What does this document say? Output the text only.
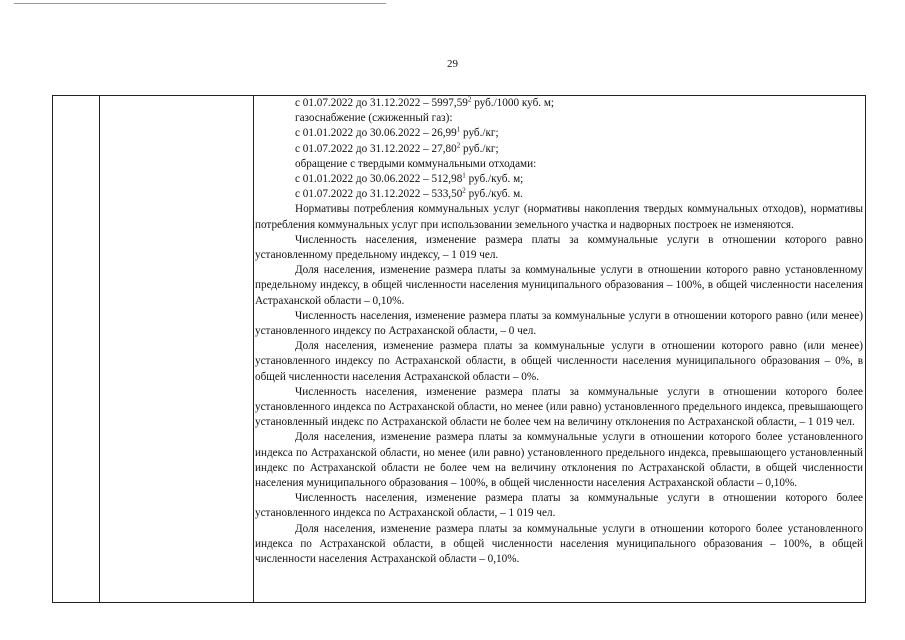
29

с 01.07.2022 до 31.12.2022 – 5997,59$^2$ руб./1000 куб. м;

газоснабжение (сжиженный газ):

с 01.01.2022 до 30.06.2022 – 26,99$^1$ руб./кг;

с 01.07.2022 до 31.12.2022 – 27,80$^2$ руб./кг;

обращение с твердыми коммунальными отходами:

с 01.01.2022 до 30.06.2022 – 512,98$^1$ руб./куб. м;

с 01.07.2022 до 31.12.2022 – 533,50$^2$ руб./куб. м.

Нормативы потребления коммунальных услуг (нормативы накопления твердых коммунальных отходов), нормативы потребления коммунальных услуг при использовании земельного участка и надворных построек не изменяются.

Численность населения, изменение размера платы за коммунальные услуги в отношении которого равно установленному предельному индексу, – 1 019 чел.

Доля населения, изменение размера платы за коммунальные услуги в отношении которого равно установленному предельному индексу, в общей численности населения муниципального образования – 100%, в общей численности населения Астраханской области – 0,10%.

Численность населения, изменение размера платы за коммунальные услуги в отношении которого равно (или менее) установленного индексу по Астраханской области, – 0 чел.

Доля населения, изменение размера платы за коммунальные услуги в отношении которого равно (или менее) установленного индексу по Астраханской области, в общей численности населения муниципального образования – 0%, в общей численности населения Астраханской области – 0%.

Численность населения, изменение размера платы за коммунальные услуги в отношении которого более установленного индекса по Астраханской области, но менее (или равно) установленного предельного индекса, превышающего установленный индекс по Астраханской области не более чем на величину отклонения по Астраханской области, – 1 019 чел.

Доля населения, изменение размера платы за коммунальные услуги в отношении которого более установленного индекса по Астраханской области, но менее (или равно) установленного предельного индекса, превышающего установленный индекс по Астраханской области не более чем на величину отклонения по Астраханской области, в общей численности населения муниципального образования – 100%, в общей численности населения Астраханской области – 0,10%.

Численность населения, изменение размера платы за коммунальные услуги в отношении которого более установленного индекса по Астраханской области, – 1 019 чел.

Доля населения, изменение размера платы за коммунальные услуги в отношении которого более установленного индекса по Астраханской области, в общей численности населения муниципального образования – 100%, в общей численности населения Астраханской области – 0,10%.
